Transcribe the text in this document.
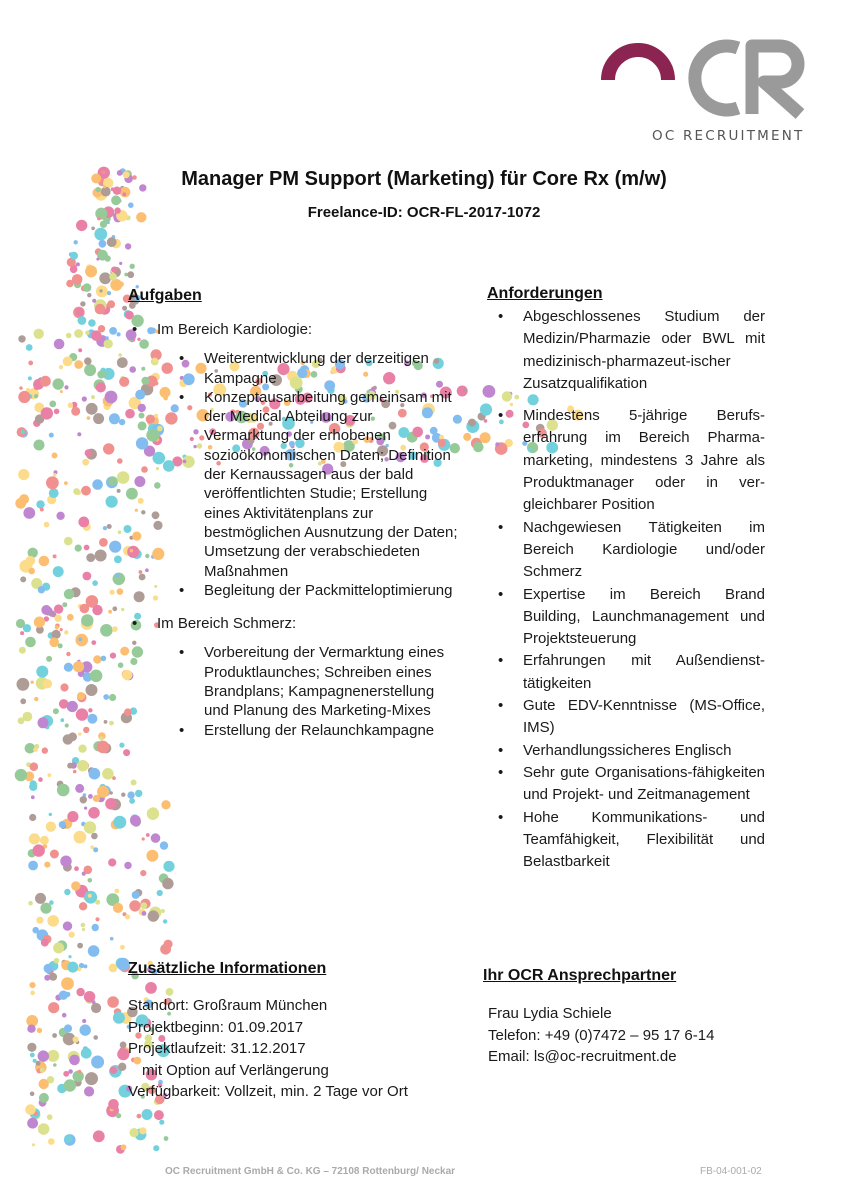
OC RECRUITMENT
Manager PM Support (Marketing) für Core Rx (m/w)
Freelance-ID: OCR-FL-2017-1072
Aufgaben
• Im Bereich Kardiologie:
• Weiterentwicklung der derzeitigen Kampagne
• Konzeptausarbeitung gemeinsam mit der Medical Abteilung zur Vermarktung der erhobenen sozioökonomischen Daten; Definition der Kernaussagen aus der bald veröffentlichten Studie; Erstellung eines Aktivitätenplans zur bestmöglichen Ausnutzung der Daten; Umsetzung der verabschiedeten Maßnahmen
• Begleitung der Packmitteloptimierung
• Im Bereich Schmerz:
• Vorbereitung der Vermarktung eines Produktlaunches; Schreiben eines Brandplans; Kampagnenerstellung und Planung des Marketing-Mixes
• Erstellung der Relaunchkampagne
Anforderungen
• Abgeschlossenes Studium der Medizin/Pharmazie oder BWL mit medizinisch-pharmazeut-ischer Zusatzqualifikation
• Mindestens 5-jährige Berufs-erfahrung im Bereich Pharma-marketing, mindestens 3 Jahre als Produktmanager oder in ver-gleichbarer Position
• Nachgewiesen Tätigkeiten im Bereich Kardiologie und/oder Schmerz
• Expertise im Bereich Brand Building, Launchmanagement und Projektsteuerung
• Erfahrungen mit Außendienst-tätigkeiten
• Gute EDV-Kenntnisse (MS-Office, IMS)
• Verhandlungssicheres Englisch
• Sehr gute Organisations-fähigkeiten und Projekt- und Zeitmanagement
• Hohe Kommunikations- und Teamfähigkeit, Flexibilität und Belastbarkeit
Zusätzliche Informationen
Standort: Großraum München
Projektbeginn: 01.09.2017
Projektlaufzeit: 31.12.2017
mit Option auf Verlängerung
Verfügbarkeit: Vollzeit, min. 2 Tage vor Ort
Ihr OCR Ansprechpartner
Frau Lydia Schiele
Telefon: +49 (0)7472 – 95 17 6-14
Email: ls@oc-recruitment.de
OC Recruitment GmbH & Co. KG – 72108 Rottenburg/ Neckar	FB-04-001-02
